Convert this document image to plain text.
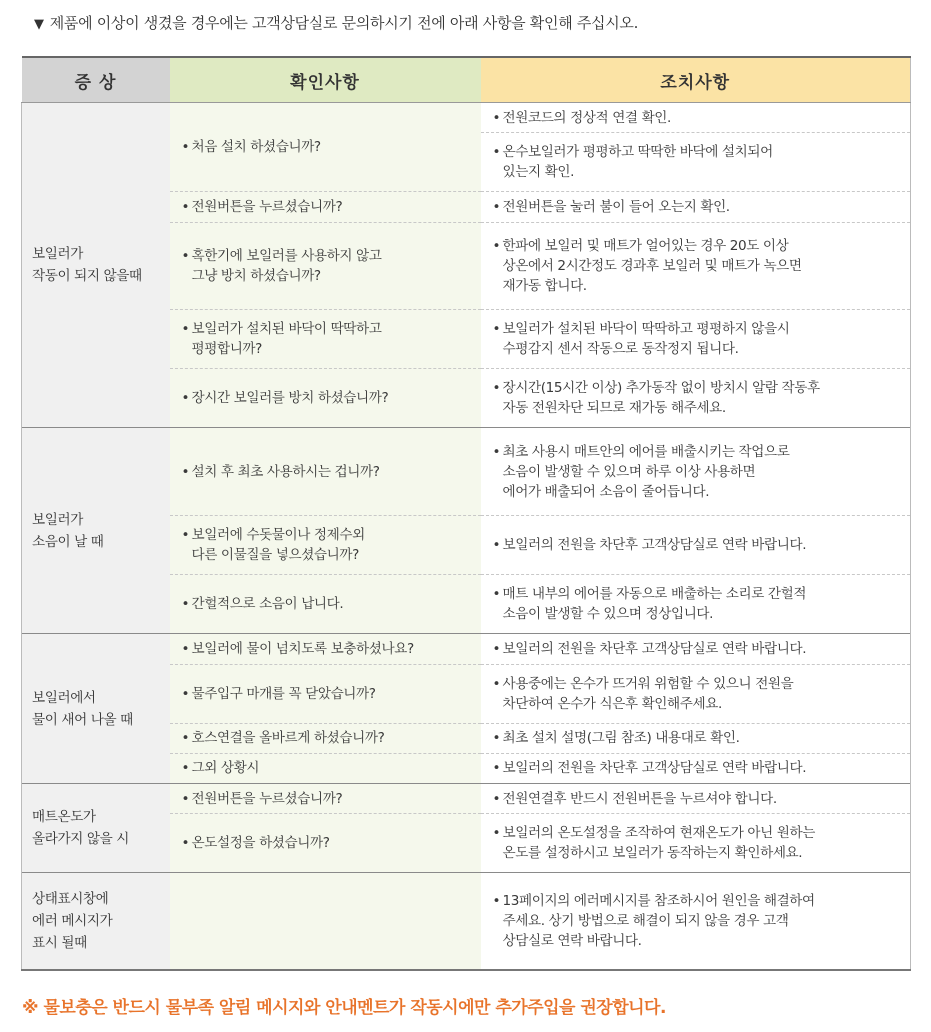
▼ 제품에 이상이 생겼을 경우에는 고객상담실로 문의하시기 전에 아래 사항을 확인해 주십시오.
증 상	확인사항	조치사항
보일러가
작동이 되지 않을때	• 처음 설치 하셨습니까?	• 전원코드의 정상적 연결 확인.

		• 온수보일러가 평평하고 딱딱한 바닥에 설치되어
있는지 확인.

	• 전원버튼을 누르셨습니까?	• 전원버튼을 눌러 불이 들어 오는지 확인.

	• 혹한기에 보일러를 사용하지 않고
그냥 방치 하셨습니까?	• 한파에 보일러 및 매트가 얼어있는 경우 20도 이상
상온에서 2시간정도 경과후 보일러 및 매트가 녹으면
재가동 합니다.

	• 보일러가 설치된 바닥이 딱딱하고
평평합니까?	• 보일러가 설치된 바닥이 딱딱하고 평평하지 않을시
수평감지 센서 작동으로 동작정지 됩니다.

	• 장시간 보일러를 방치 하셨습니까?	• 장시간(15시간 이상) 추가동작 없이 방치시 알람 작동후
자동 전원차단 되므로 재가동 해주세요.

보일러가
소음이 날 때	• 설치 후 최초 사용하시는 겁니까?	• 최초 사용시 매트안의 에어를 배출시키는 작업으로
소음이 발생할 수 있으며 하루 이상 사용하면
에어가 배출되어 소음이 줄어듭니다.

	• 보일러에 수돗물이나 정제수외
다른 이물질을 넣으셨습니까?	• 보일러의 전원을 차단후 고객상담실로 연락 바랍니다.

	• 간헐적으로 소음이 납니다.	• 매트 내부의 에어를 자동으로 배출하는 소리로 간헐적
소음이 발생할 수 있으며 정상입니다.

보일러에서
물이 새어 나올 때	• 보일러에 물이 넘치도록 보충하셨나요?	• 보일러의 전원을 차단후 고객상담실로 연락 바랍니다.

	• 물주입구 마개를 꼭 닫았습니까?	• 사용중에는 온수가 뜨거워 위험할 수 있으니 전원을
차단하여 온수가 식은후 확인해주세요.

	• 호스연결을 올바르게 하셨습니까?	• 최초 설치 설명(그림 참조) 내용대로 확인.

	• 그외 상황시	• 보일러의 전원을 차단후 고객상담실로 연락 바랍니다.

매트온도가
올라가지 않을 시	• 전원버튼을 누르셨습니까?	• 전원연결후 반드시 전원버튼을 누르셔야 합니다.

	• 온도설정을 하셨습니까?	• 보일러의 온도설정을 조작하여 현재온도가 아닌 원하는
온도를 설정하시고 보일러가 동작하는지 확인하세요.

상태표시창에
에러 메시지가
표시 될때		• 13페이지의 에러메시지를 참조하시어 원인을 해결하여
주세요. 상기 방법으로 해결이 되지 않을 경우 고객
상담실로 연락 바랍니다.
※ 물보충은 반드시 물부족 알림 메시지와 안내멘트가 작동시에만 추가주입을 권장합니다.
